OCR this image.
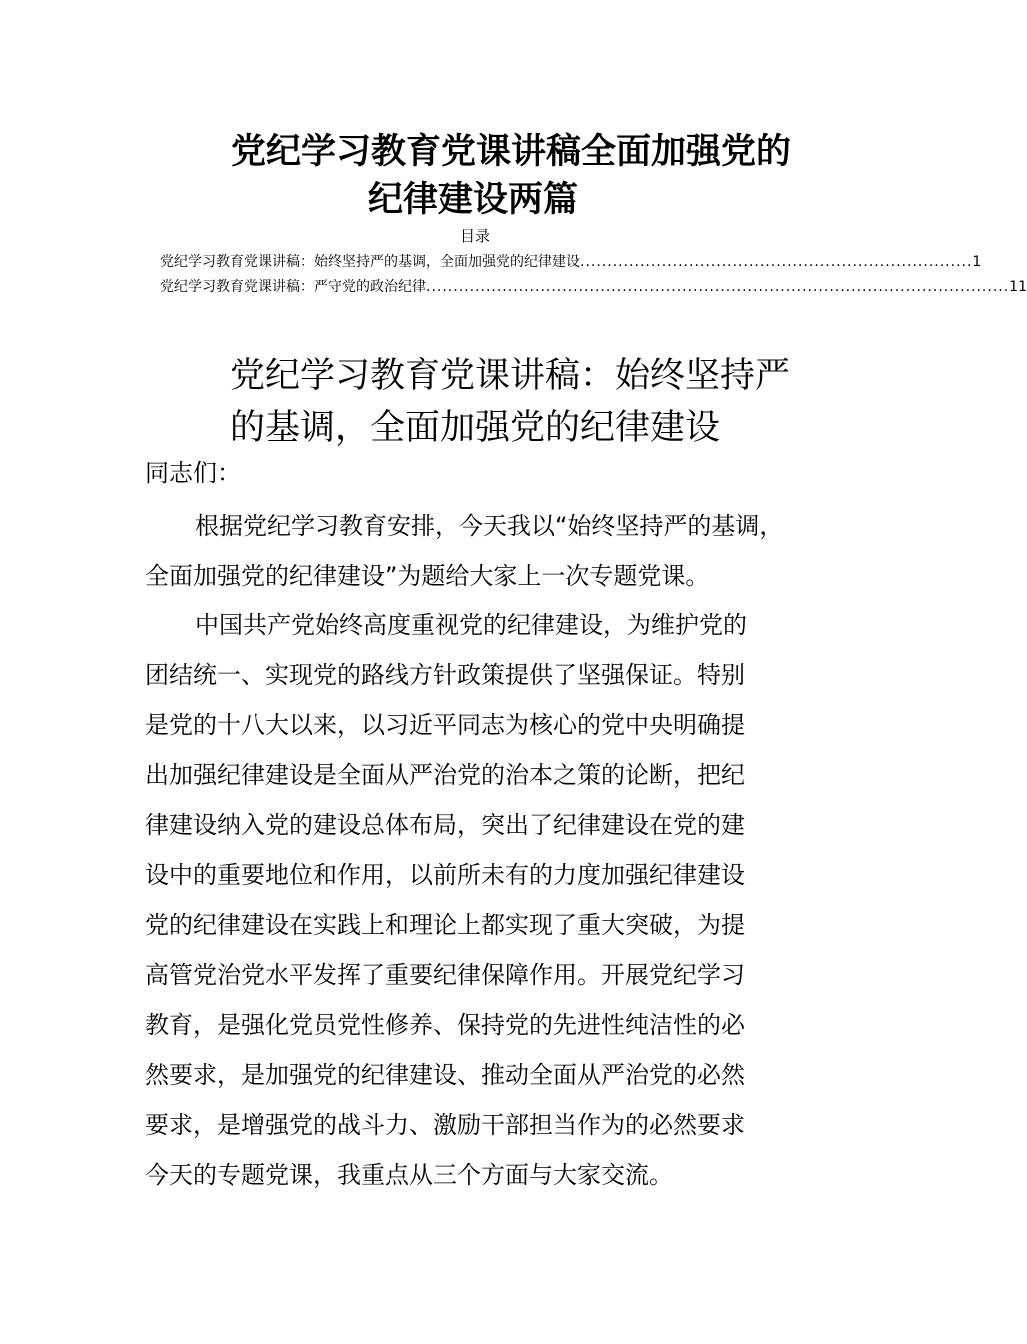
党纪学习教育党课讲稿全面加强党的
纪律建设两篇
目录
党纪学习教育党课讲稿：始终坚持严的基调，全面加强党的纪律建设 ........................................................................ 1
党纪学习教育党课讲稿：严守党的政治纪律 ........................................................................................................... 11
党纪学习教育党课讲稿：始终坚持严
的基调，全面加强党的纪律建设
同志们：
根据党纪学习教育安排，今天我以“始终坚持严的基调，
全面加强党的纪律建设”为题给大家上一次专题党课。
中国共产党始终高度重视党的纪律建设，为维护党的
团结统一、实现党的路线方针政策提供了坚强保证。特别
是党的十八大以来，以习近平同志为核心的党中央明确提
出加强纪律建设是全面从严治党的治本之策的论断，把纪
律建设纳入党的建设总体布局，突出了纪律建设在党的建
设中的重要地位和作用，以前所未有的力度加强纪律建设
党的纪律建设在实践上和理论上都实现了重大突破，为提
高管党治党水平发挥了重要纪律保障作用。开展党纪学习
教育，是强化党员党性修养、保持党的先进性纯洁性的必
然要求，是加强党的纪律建设、推动全面从严治党的必然
要求，是增强党的战斗力、激励干部担当作为的必然要求
今天的专题党课，我重点从三个方面与大家交流。
